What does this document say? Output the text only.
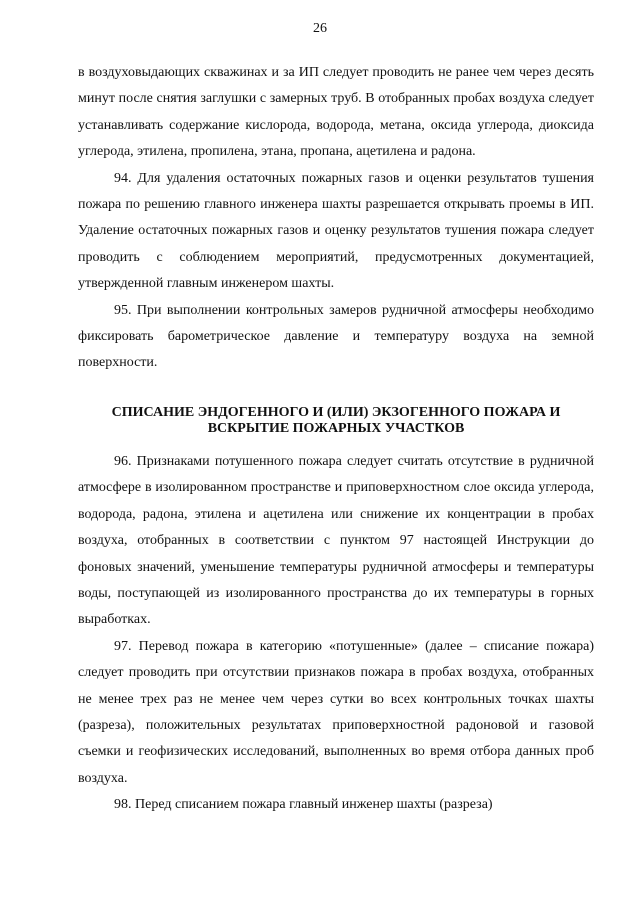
26

в воздуховыдающих скважинах и за ИП следует проводить не ранее чем через десять минут после снятия заглушки с замерных труб. В отобранных пробах воздуха следует устанавливать содержание кислорода, водорода, метана, оксида углерода, диоксида углерода, этилена, пропилена, этана, пропана, ацетилена и радона.

94. Для удаления остаточных пожарных газов и оценки результатов тушения пожара по решению главного инженера шахты разрешается открывать проемы в ИП. Удаление остаточных пожарных газов и оценку результатов тушения пожара следует проводить с соблюдением мероприятий, предусмотренных документацией, утвержденной главным инженером шахты.

95. При выполнении контрольных замеров рудничной атмосферы необходимо фиксировать барометрическое давление и температуру воздуха на земной поверхности.

СПИСАНИЕ ЭНДОГЕННОГО И (ИЛИ) ЭКЗОГЕННОГО ПОЖАРА И ВСКРЫТИЕ ПОЖАРНЫХ УЧАСТКОВ

96. Признаками потушенного пожара следует считать отсутствие в рудничной атмосфере в изолированном пространстве и приповерхностном слое оксида углерода, водорода, радона, этилена и ацетилена или снижение их концентрации в пробах воздуха, отобранных в соответствии с пунктом 97 настоящей Инструкции до фоновых значений, уменьшение температуры рудничной атмосферы и температуры воды, поступающей из изолированного пространства до их температуры в горных выработках.

97. Перевод пожара в категорию «потушенные» (далее – списание пожара) следует проводить при отсутствии признаков пожара в пробах воздуха, отобранных не менее трех раз не менее чем через сутки во всех контрольных точках шахты (разреза), положительных результатах приповерхностной радоновой и газовой съемки и геофизических исследований, выполненных во время отбора данных проб воздуха.

98. Перед списанием пожара главный инженер шахты (разреза)
